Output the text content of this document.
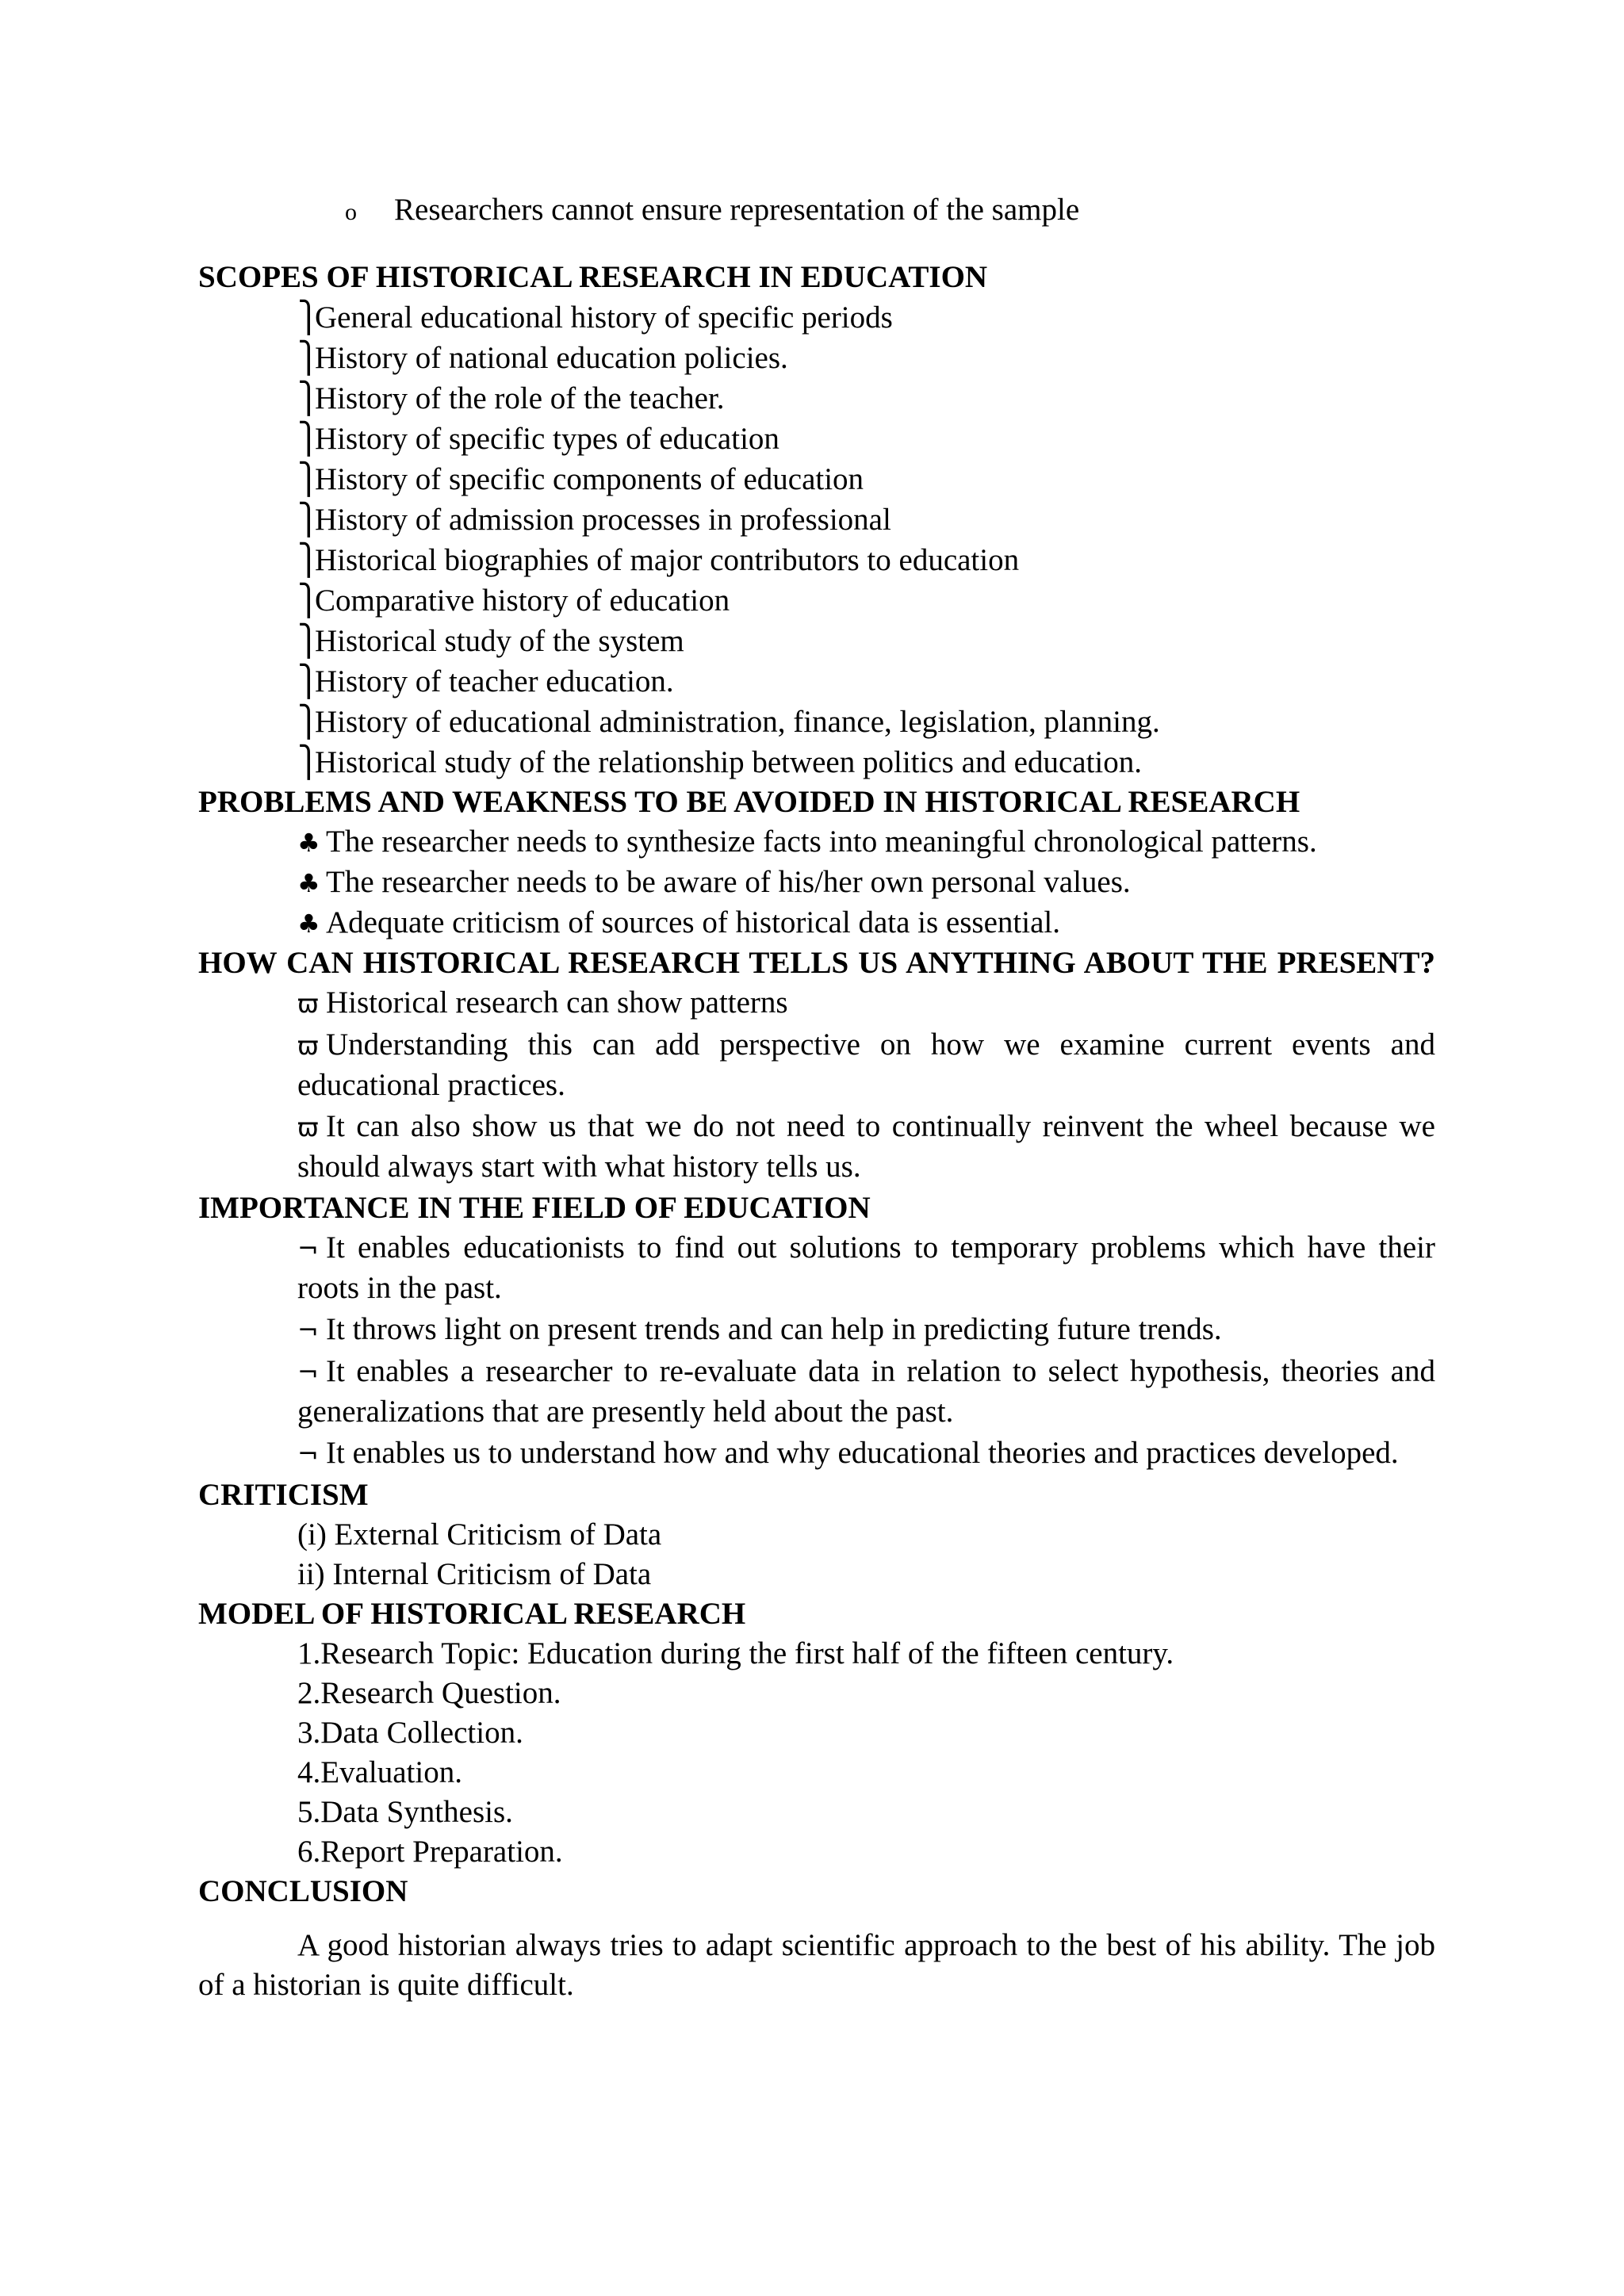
o Researchers cannot ensure representation of the sample

SCOPES OF HISTORICAL RESEARCH IN EDUCATION
⎫General educational history of specific periods
⎫History of national education policies.
⎫History of the role of the teacher.
⎫History of specific types of education
⎫History of specific components of education
⎫History of admission processes in professional
⎫Historical biographies of major contributors to education
⎫Comparative history of education
⎫Historical study of the system
⎫History of teacher education.
⎫History of educational administration, finance, legislation, planning.
⎫Historical study of the relationship between politics and education.
PROBLEMS AND WEAKNESS TO BE AVOIDED IN HISTORICAL RESEARCH
♣ The researcher needs to synthesize facts into meaningful chronological patterns.
♣ The researcher needs to be aware of his/her own personal values.
♣ Adequate criticism of sources of historical data is essential.
HOW CAN HISTORICAL RESEARCH TELLS US ANYTHING ABOUT THE PRESENT?
ϖ Historical research can show patterns
ϖ Understanding this can add perspective on how we examine current events and educational practices.
ϖ It can also show us that we do not need to continually reinvent the wheel because we should always start with what history tells us.
IMPORTANCE IN THE FIELD OF EDUCATION
¬ It enables educationists to find out solutions to temporary problems which have their roots in the past.
¬ It throws light on present trends and can help in predicting future trends.
¬ It enables a researcher to re-evaluate data in relation to select hypothesis, theories and generalizations that are presently held about the past.
¬ It enables us to understand how and why educational theories and practices developed.
CRITICISM
(i) External Criticism of Data
ii) Internal Criticism of Data
MODEL OF HISTORICAL RESEARCH
1.Research Topic: Education during the first half of the fifteen century.
2.Research Question.
3.Data Collection.
4.Evaluation.
5.Data Synthesis.
6.Report Preparation.
CONCLUSION

A good historian always tries to adapt scientific approach to the best of his ability. The job of a historian is quite difficult.
